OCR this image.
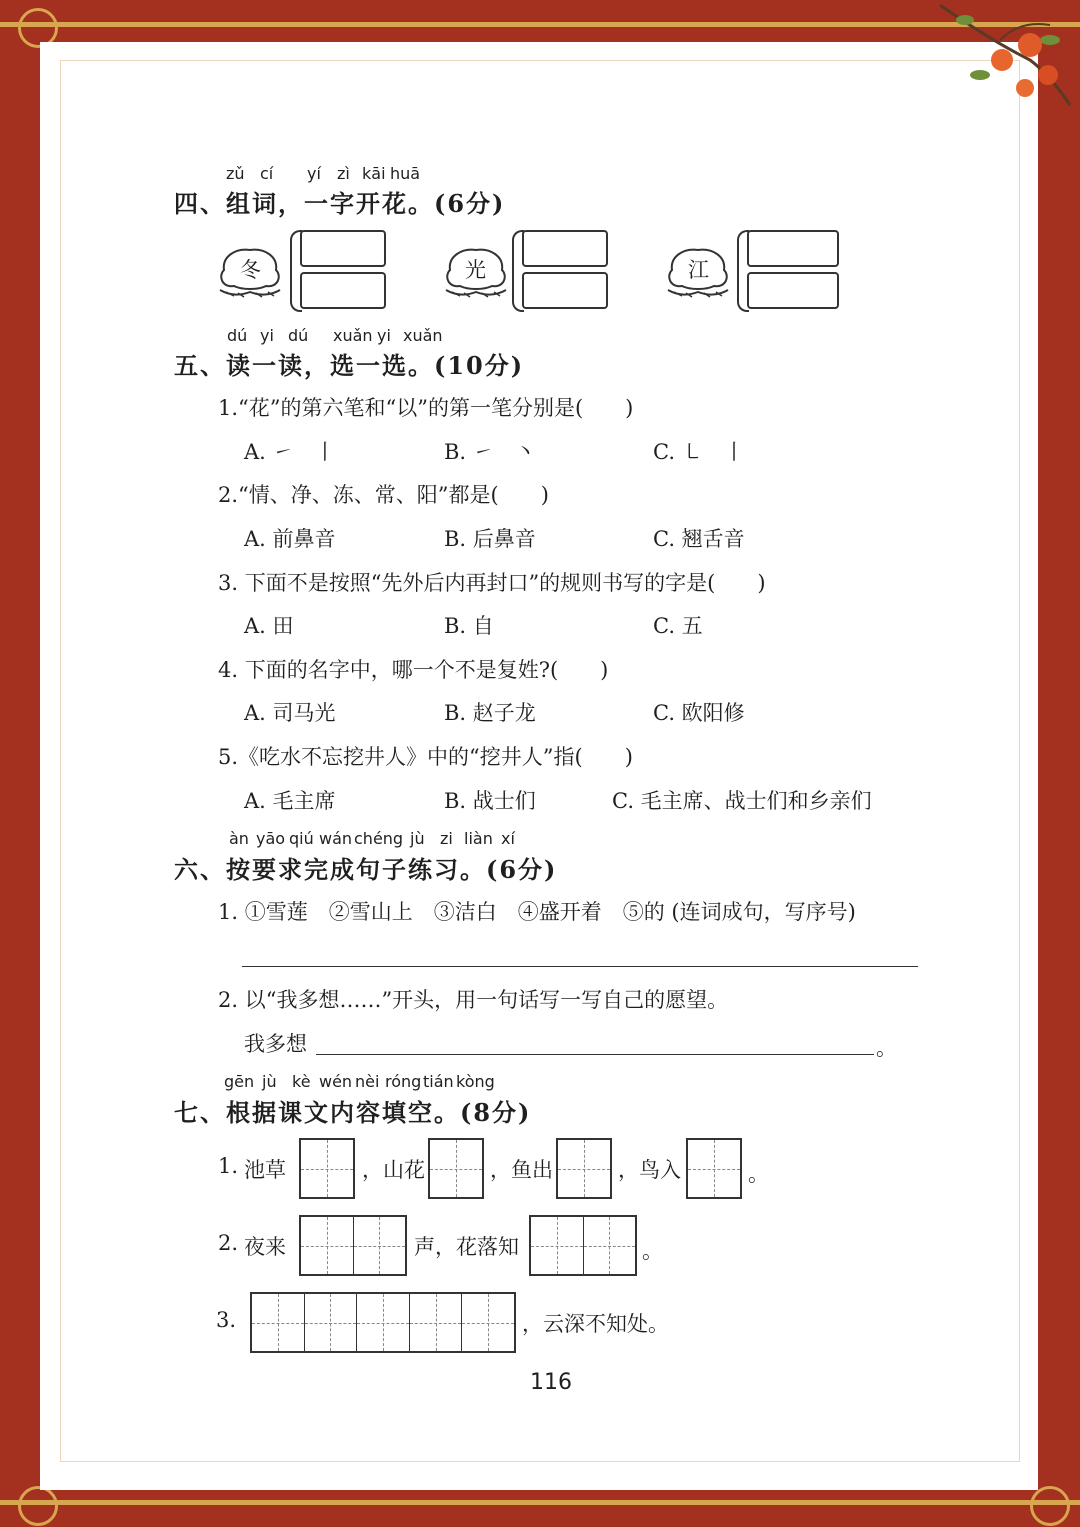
zǔ cí yí zì kāi huā
四、组词，一字开花。(6分)
冬	光	江
dú yi dú xuǎn yi xuǎn
五、读一读，选一选。(10分)
1.“花”的第六笔和“以”的第一笔分别是(　　)
A. ㇀　丨	B. ㇀　丶	C. ㇄　丨
2.“情、净、冻、常、阳”都是(　　)
A. 前鼻音	B. 后鼻音	C. 翘舌音
3. 下面不是按照“先外后内再封口”的规则书写的字是(　　)
A. 田	B. 自	C. 五
4. 下面的名字中，哪一个不是复姓?(　　)
A. 司马光	B. 赵子龙	C. 欧阳修
5.《吃水不忘挖井人》中的“挖井人”指(　　)
A. 毛主席	B. 战士们	C. 毛主席、战士们和乡亲们
àn yāo qiú wán chéng jù zi liàn xí
六、按要求完成句子练习。(6分)
1. ①雪莲　②雪山上　③洁白　④盛开着　⑤的 (连词成句，写序号)
2. 以“我多想……”开头，用一句话写一写自己的愿望。
我多想	。
gēn jù kè wén nèi róng tián kòng
七、根据课文内容填空。(8分)
1. 池草	，山花	，鱼出	，鸟入	。
2. 夜来	声，花落知	。
3.	，云深不知处。
116
